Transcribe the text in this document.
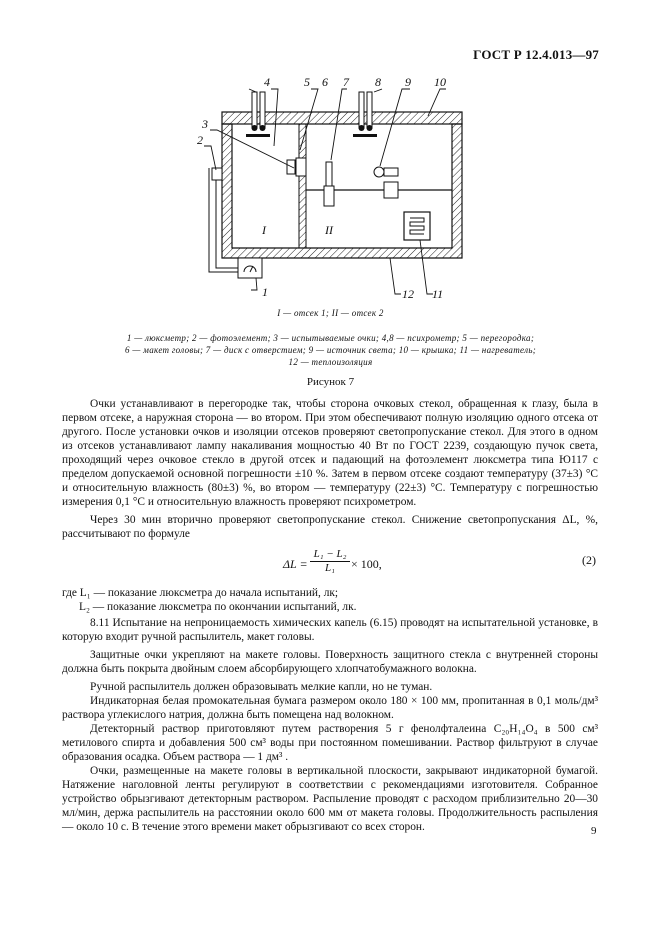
ГОСТ Р 12.4.013—97
4	5 6 7 8 9 10
3
2
1	12 11
I	II
I — отсек 1; II — отсек 2
1 — люксметр; 2 — фотоэлемент; 3 — испытываемые очки; 4,8 — психрометр; 5 — перегородка;
6 — макет головы; 7 — диск с отверстием; 9 — источник света; 10 — крышка; 11 — нагреватель;
12 — теплоизоляция
Рисунок 7

Очки устанавливают в перегородке так, чтобы сторона очковых стекол, обращенная к глазу, была в первом отсеке, а наружная сторона — во втором. При этом обеспечивают полную изоляцию одного отсека от другого. После установки очков и изоляции отсеков проверяют светопропускание стекол. Для этого в одном из отсеков устанавливают лампу накаливания мощностью 40 Вт по ГОСТ 2239, создающую пучок света, проходящий через очковое стекло в другой отсек и падающий на фотоэлемент люксметра типа Ю117 с пределом допускаемой основной погрешности ±10 %. Затем в первом отсеке создают температуру (37±3) °С и относительную влажность (80±3) %, во втором — температуру (22±3) °С. Температуру с погрешностью измерения 0,1 °С и относительную влажность проверяют психрометром.

Через 30 мин вторично проверяют светопропускание стекол. Снижение светопропускания ΔL, %, рассчитывают по формуле

$\Delta L = \frac{\text{L₁ − L₂}}{\text{L₁}} \times 100$,	(2)
где L₁ — показание люксметра до начала испытаний, лк;
L₂ — показание люксметра по окончании испытаний, лк.

8.11 Испытание на непроницаемость химических капель (6.15) проводят на испытательной установке, в которую входит ручной распылитель, макет головы.

Защитные очки укрепляют на макете головы. Поверхность защитного стекла с внутренней стороны должна быть покрыта двойным слоем абсорбирующего хлопчатобумажного волокна.

Ручной распылитель должен образовывать мелкие капли, но не туман.

Индикаторная белая промокательная бумага размером около 180 × 100 мм, пропитанная в 0,1 моль/дм³ раствора углекислого натрия, должна быть помещена над волокном.

Детекторный раствор приготовляют путем растворения 5 г фенолфталеина C₂₀H₁₄O₄ в 500 см³ метилового спирта и добавления 500 см³ воды при постоянном помешивании. Раствор фильтруют в случае образования осадка. Объем раствора — 1 дм³ .

Очки, размещенные на макете головы в вертикальной плоскости, закрывают индикаторной бумагой. Натяжение наголовной ленты регулируют в соответствии с рекомендациями изготовителя. Собранное устройство обрызгивают детекторным раствором. Распыление проводят с расходом приблизительно 20—30 мл/мин, держа распылитель на расстоянии около 600 мм от макета головы. Продолжительность распыления — около 10 с. В течение этого времени макет обрызгивают со всех сторон.	9
